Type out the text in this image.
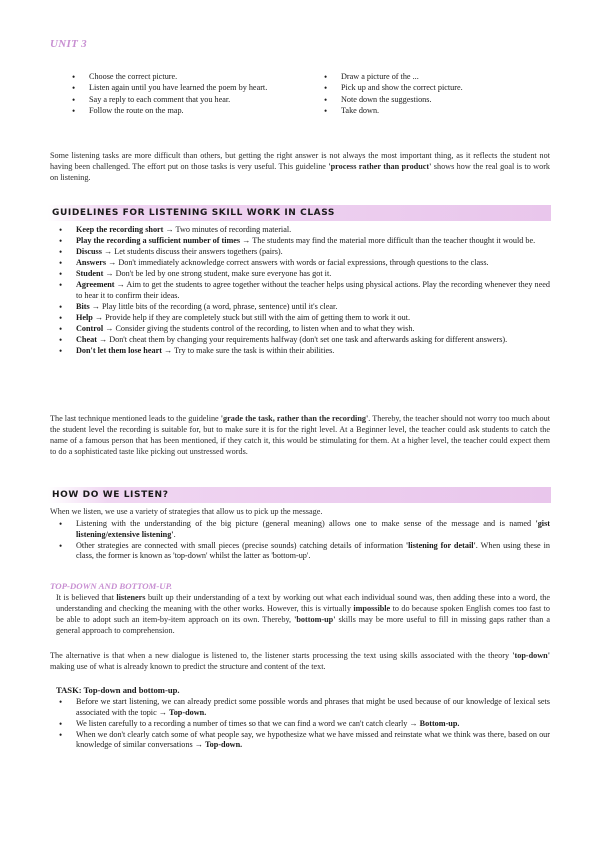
UNIT 3
• Choose the correct picture.
• Listen again until you have learned the poem by heart.
• Say a reply to each comment that you hear.
• Follow the route on the map.
• Draw a picture of the ...
• Pick up and show the correct picture.
• Note down the suggestions.
• Take down.

Some listening tasks are more difficult than others, but getting the right answer is not always the most important thing, as it reflects the student not having been challenged. The effort put on those tasks is very useful. This guideline 'process rather than product' shows how the real goal is to work on listening.

GUIDELINES FOR LISTENING SKILL WORK IN CLASS
• Keep the recording short → Two minutes of recording material.
• Play the recording a sufficient number of times → The students may find the material more difficult than the teacher thought it would be.
• Discuss → Let students discuss their answers togethers (pairs).
• Answers → Don't immediately acknowledge correct answers with words or facial expressions, through questions to the class.
• Student → Don't be led by one strong student, make sure everyone has got it.
• Agreement → Aim to get the students to agree together without the teacher helps using physical actions. Play the recording whenever they need to hear it to confirm their ideas.
• Bits → Play little bits of the recording (a word, phrase, sentence) until it's clear.
• Help → Provide help if they are completely stuck but still with the aim of getting them to work it out.
• Control → Consider giving the students control of the recording, to listen when and to what they wish.
• Cheat → Don't cheat them by changing your requirements halfway (don't set one task and afterwards asking for different answers).
• Don't let them lose heart → Try to make sure the task is within their abilities.

The last technique mentioned leads to the guideline 'grade the task, rather than the recording'. Thereby, the teacher should not worry too much about the student level the recording is suitable for, but to make sure it is for the right level. At a Beginner level, the teacher could ask students to catch the name of a famous person that has been mentioned, if they catch it, this would be stimulating for them. At a higher level, the teacher could expect them to do a sophisticated taste like picking out unstressed words.

HOW DO WE LISTEN?

When we listen, we use a variety of strategies that allow us to pick up the message.

• Listening with the understanding of the big picture (general meaning) allows one to make sense of the message and is named 'gist listening/extensive listening'.
• Other strategies are connected with small pieces (precise sounds) catching details of information 'listening for detail'. When using these in class, the former is known as 'top-down' whilst the latter as 'bottom-up'.
TOP-DOWN AND BOTTOM-UP.

It is believed that listeners built up their understanding of a text by working out what each individual sound was, then adding these into a word, the understanding and checking the meaning with the other works. However, this is virtually impossible to do because spoken English comes too fast to be able to adopt such an item-by-item approach on its own. Thereby, 'bottom-up' skills may be more useful to fill in missing gaps rather than a general approach to comprehension.

The alternative is that when a new dialogue is listened to, the listener starts processing the text using skills associated with the theory 'top-down' making use of what is already known to predict the structure and content of the text.

TASK: Top-down and bottom-up.
• Before we start listening, we can already predict some possible words and phrases that might be used because of our knowledge of lexical sets associated with the topic → Top-down.
• We listen carefully to a recording a number of times so that we can find a word we can't catch clearly → Bottom-up.
• When we don't clearly catch some of what people say, we hypothesize what we have missed and reinstate what we think was there, based on our knowledge of similar conversations → Top-down.
